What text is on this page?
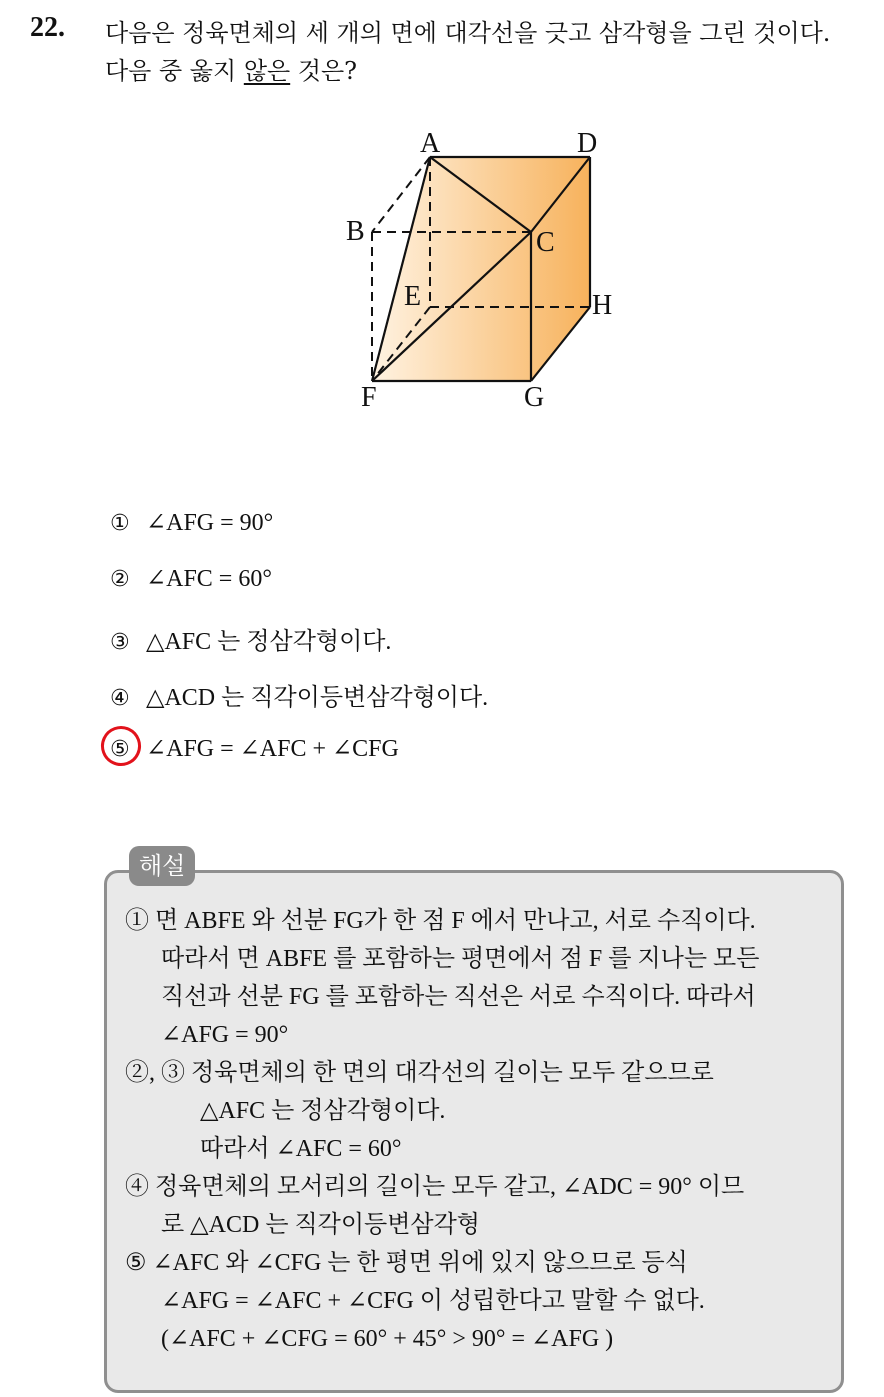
22. 다음은 정육면체의 세 개의 면에 대각선을 긋고 삼각형을 그린 것이다.
다음 중 옳지 않은 것은?
A	D
B	C
E	H
F	G
① ∠AFG = 90°
② ∠AFC = 60°
③ △AFC 는 정삼각형이다.
④ △ACD 는 직각이등변삼각형이다.
⑤ ∠AFG = ∠AFC + ∠CFG
해설
① 면 ABFE 와 선분 FG가 한 점 F 에서 만나고, 서로 수직이다.
따라서 면 ABFE 를 포함하는 평면에서 점 F 를 지나는 모든
직선과 선분 FG 를 포함하는 직선은 서로 수직이다. 따라서
∠AFG = 90°
②, ③ 정육면체의 한 면의 대각선의 길이는 모두 같으므로
△AFC 는 정삼각형이다.
따라서 ∠AFC = 60°
④ 정육면체의 모서리의 길이는 모두 같고, ∠ADC = 90° 이므
로 △ACD 는 직각이등변삼각형
⑤ ∠AFC 와 ∠CFG 는 한 평면 위에 있지 않으므로 등식
∠AFG = ∠AFC + ∠CFG 이 성립한다고 말할 수 없다.
(∠AFC + ∠CFG = 60° + 45° > 90° = ∠AFG )
